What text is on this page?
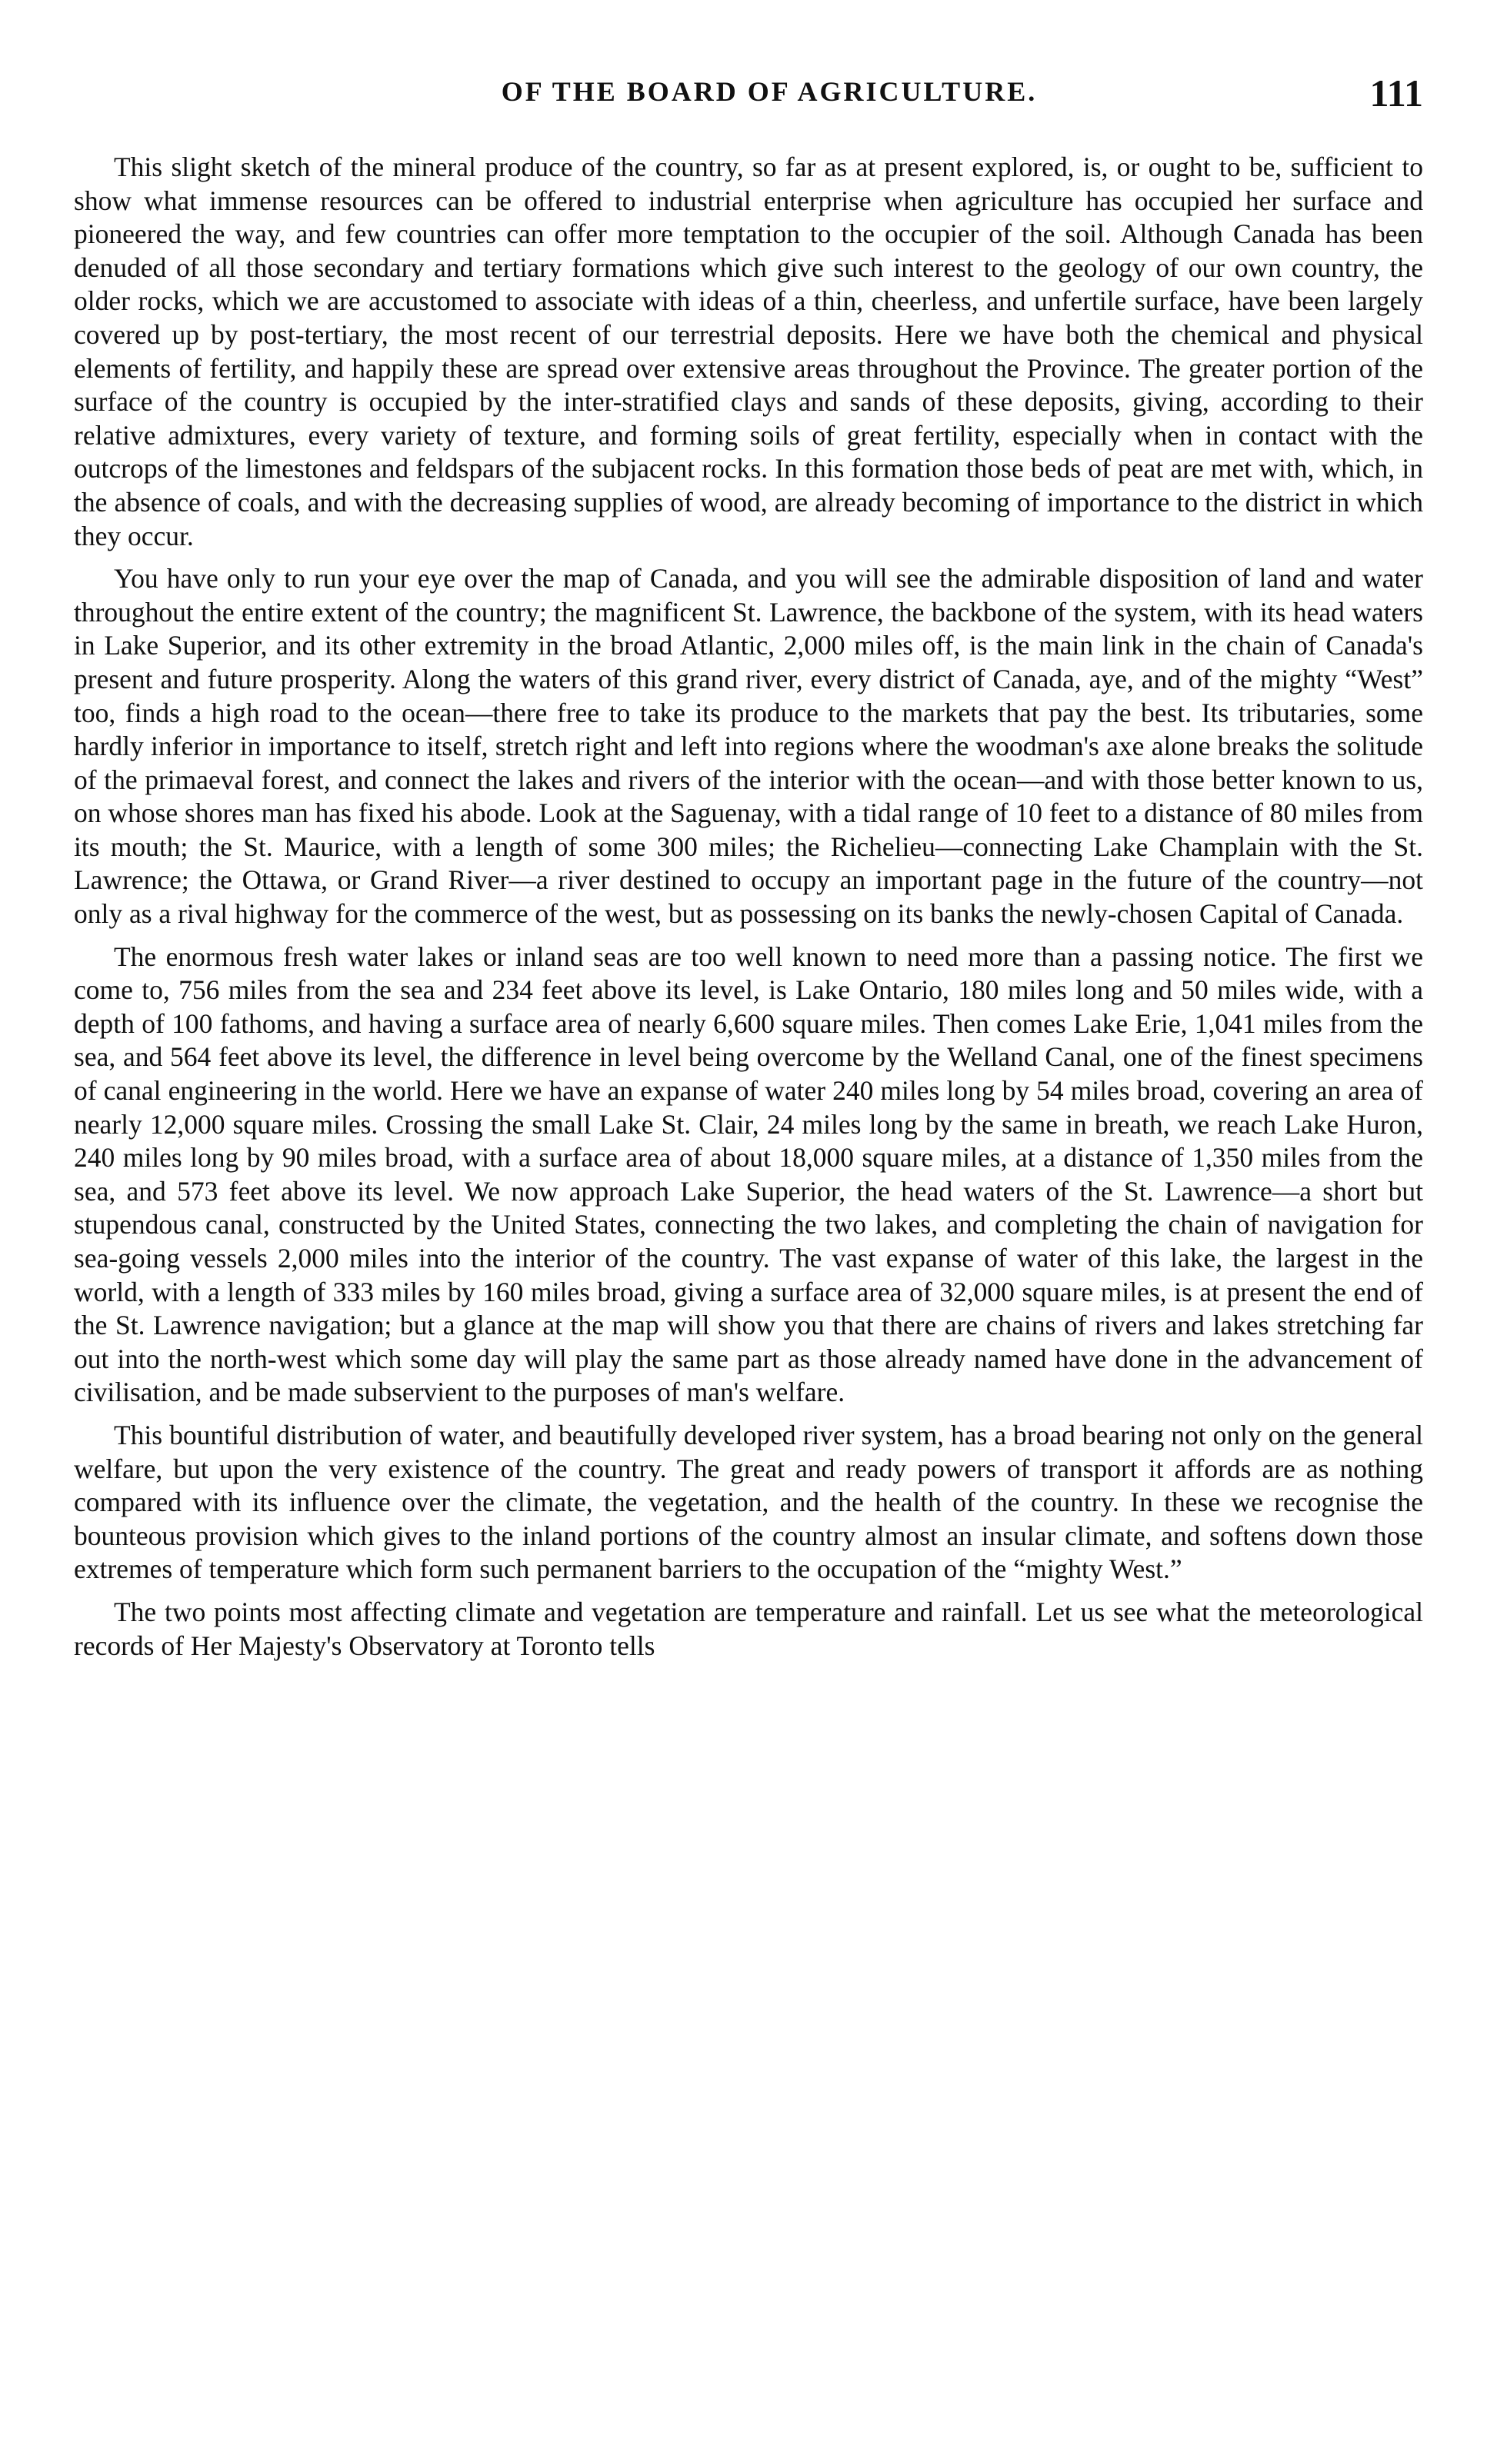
OF THE BOARD OF AGRICULTURE.	111

This slight sketch of the mineral produce of the country, so far as at present explored, is, or ought to be, sufficient to show what immense resources can be offered to industrial enterprise when agriculture has occupied her surface and pioneered the way, and few countries can offer more temptation to the occupier of the soil. Although Canada has been denuded of all those secondary and tertiary formations which give such interest to the geology of our own country, the older rocks, which we are accustomed to associate with ideas of a thin, cheerless, and unfertile surface, have been largely covered up by post-tertiary, the most recent of our terrestrial deposits. Here we have both the chemical and physical elements of fertility, and happily these are spread over extensive areas throughout the Province. The greater portion of the surface of the country is occupied by the inter-stratified clays and sands of these deposits, giving, according to their relative admixtures, every variety of texture, and forming soils of great fertility, especially when in contact with the outcrops of the limestones and feldspars of the subjacent rocks. In this formation those beds of peat are met with, which, in the absence of coals, and with the decreasing supplies of wood, are already becoming of importance to the district in which they occur.

You have only to run your eye over the map of Canada, and you will see the admirable disposition of land and water throughout the entire extent of the country; the magnificent St. Lawrence, the backbone of the system, with its head waters in Lake Superior, and its other extremity in the broad Atlantic, 2,000 miles off, is the main link in the chain of Canada's present and future prosperity. Along the waters of this grand river, every district of Canada, aye, and of the mighty “West” too, finds a high road to the ocean—there free to take its produce to the markets that pay the best. Its tributaries, some hardly inferior in importance to itself, stretch right and left into regions where the woodman's axe alone breaks the solitude of the primaeval forest, and connect the lakes and rivers of the interior with the ocean—and with those better known to us, on whose shores man has fixed his abode. Look at the Saguenay, with a tidal range of 10 feet to a distance of 80 miles from its mouth; the St. Maurice, with a length of some 300 miles; the Richelieu—connecting Lake Champlain with the St. Lawrence; the Ottawa, or Grand River—a river destined to occupy an important page in the future of the country—not only as a rival highway for the commerce of the west, but as possessing on its banks the newly-chosen Capital of Canada.

The enormous fresh water lakes or inland seas are too well known to need more than a passing notice. The first we come to, 756 miles from the sea and 234 feet above its level, is Lake Ontario, 180 miles long and 50 miles wide, with a depth of 100 fathoms, and having a surface area of nearly 6,600 square miles. Then comes Lake Erie, 1,041 miles from the sea, and 564 feet above its level, the difference in level being overcome by the Welland Canal, one of the finest specimens of canal engineering in the world. Here we have an expanse of water 240 miles long by 54 miles broad, covering an area of nearly 12,000 square miles. Crossing the small Lake St. Clair, 24 miles long by the same in breath, we reach Lake Huron, 240 miles long by 90 miles broad, with a surface area of about 18,000 square miles, at a distance of 1,350 miles from the sea, and 573 feet above its level. We now approach Lake Superior, the head waters of the St. Lawrence—a short but stupendous canal, constructed by the United States, connecting the two lakes, and completing the chain of navigation for sea-going vessels 2,000 miles into the interior of the country. The vast expanse of water of this lake, the largest in the world, with a length of 333 miles by 160 miles broad, giving a surface area of 32,000 square miles, is at present the end of the St. Lawrence navigation; but a glance at the map will show you that there are chains of rivers and lakes stretching far out into the north-west which some day will play the same part as those already named have done in the advancement of civilisation, and be made subservient to the purposes of man's welfare.

This bountiful distribution of water, and beautifully developed river system, has a broad bearing not only on the general welfare, but upon the very existence of the country. The great and ready powers of transport it affords are as nothing compared with its influence over the climate, the vegetation, and the health of the country. In these we recognise the bounteous provision which gives to the inland portions of the country almost an insular climate, and softens down those extremes of temperature which form such permanent barriers to the occupation of the “mighty West.”

The two points most affecting climate and vegetation are temperature and rainfall. Let us see what the meteorological records of Her Majesty's Observatory at Toronto tells
